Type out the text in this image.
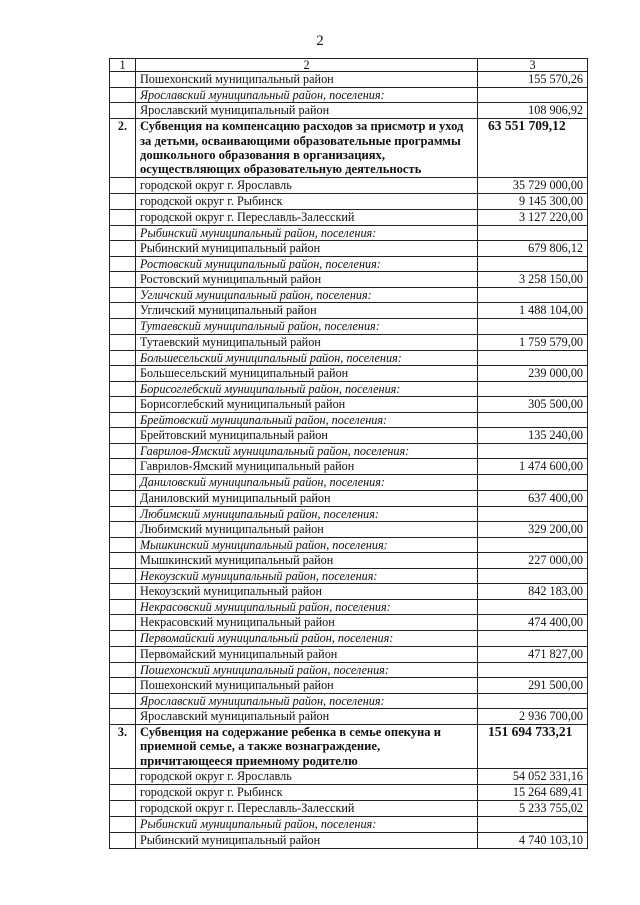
2
1	2	3
	Пошехонский муниципальный район	155 570,26
	Ярославский муниципальный район, поселения:	
	Ярославский муниципальный район	108 906,92
2.	Субвенция на компенсацию расходов за присмотр и уход за детьми, осваивающими образовательные программы дошкольного образования в организациях, осуществляющих образовательную деятельность	63 551 709,12
	городской округ г. Ярославль	35 729 000,00
	городской округ г. Рыбинск	9 145 300,00
	городской округ г. Переславль-Залесский	3 127 220,00
	Рыбинский муниципальный район, поселения:	
	Рыбинский муниципальный район	679 806,12
	Ростовский муниципальный район, поселения:	
	Ростовский муниципальный район	3 258 150,00
	Угличский муниципальный район, поселения:	
	Угличский муниципальный район	1 488 104,00
	Тутаевский муниципальный район, поселения:	
	Тутаевский муниципальный район	1 759 579,00
	Большесельский муниципальный район, поселения:	
	Большесельский муниципальный район	239 000,00
	Борисоглебский муниципальный район, поселения:	
	Борисоглебский муниципальный район	305 500,00
	Брейтовский муниципальный район, поселения:	
	Брейтовский муниципальный район	135 240,00
	Гаврилов-Ямский муниципальный район, поселения:	
	Гаврилов-Ямский муниципальный район	1 474 600,00
	Даниловский муниципальный район, поселения:	
	Даниловский муниципальный район	637 400,00
	Любимский муниципальный район, поселения:	
	Любимский муниципальный район	329 200,00
	Мышкинский муниципальный район, поселения:	
	Мышкинский муниципальный район	227 000,00
	Некоузский муниципальный район, поселения:	
	Некоузский муниципальный район	842 183,00
	Некрасовский муниципальный район, поселения:	
	Некрасовский муниципальный район	474 400,00
	Первомайский муниципальный район, поселения:	
	Первомайский муниципальный район	471 827,00
	Пошехонский муниципальный район, поселения:	
	Пошехонский муниципальный район	291 500,00
	Ярославский муниципальный район, поселения:	
	Ярославский муниципальный район	2 936 700,00
3.	Субвенция на содержание ребенка в семье опекуна и приемной семье, а также вознаграждение, причитающееся приемному родителю	151 694 733,21
	городской округ г. Ярославль	54 052 331,16
	городской округ г. Рыбинск	15 264 689,41
	городской округ г. Переславль-Залесский	5 233 755,02
	Рыбинский муниципальный район, поселения:	
	Рыбинский муниципальный район	4 740 103,10
